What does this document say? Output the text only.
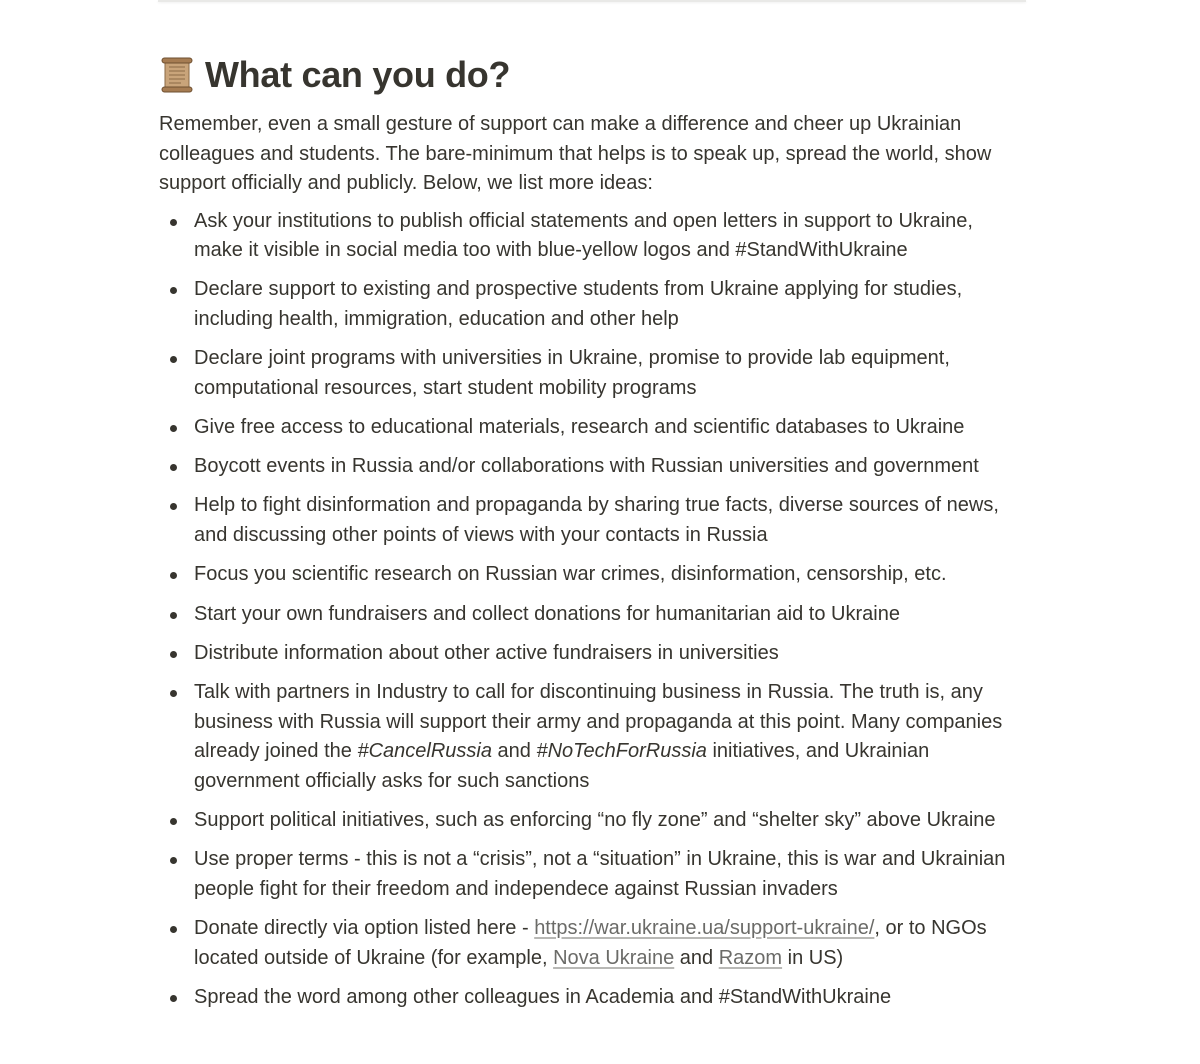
What can you do?

Remember, even a small gesture of support can make a difference and cheer up Ukrainian colleagues and students. The bare-minimum that helps is to speak up, spread the world, show support officially and publicly. Below, we list more ideas:

Ask your institutions to publish official statements and open letters in support to Ukraine, make it visible in social media too with blue-yellow logos and #StandWithUkraine
Declare support to existing and prospective students from Ukraine applying for studies, including health, immigration, education and other help
Declare joint programs with universities in Ukraine, promise to provide lab equipment, computational resources, start student mobility programs
Give free access to educational materials, research and scientific databases to Ukraine
Boycott events in Russia and/or collaborations with Russian universities and government
Help to fight disinformation and propaganda by sharing true facts, diverse sources of news, and discussing other points of views with your contacts in Russia
Focus you scientific research on Russian war crimes, disinformation, censorship, etc.
Start your own fundraisers and collect donations for humanitarian aid to Ukraine
Distribute information about other active fundraisers in universities
Talk with partners in Industry to call for discontinuing business in Russia. The truth is, any business with Russia will support their army and propaganda at this point. Many companies already joined the #CancelRussia and #NoTechForRussia initiatives, and Ukrainian government officially asks for such sanctions
Support political initiatives, such as enforcing “no fly zone” and “shelter sky” above Ukraine
Use proper terms - this is not a “crisis”, not a “situation” in Ukraine, this is war and Ukrainian people fight for their freedom and independece against Russian invaders
Donate directly via option listed here - https://war.ukraine.ua/support-ukraine/, or to NGOs located outside of Ukraine (for example, Nova Ukraine and Razom in US)
Spread the word among other colleagues in Academia and #StandWithUkraine
